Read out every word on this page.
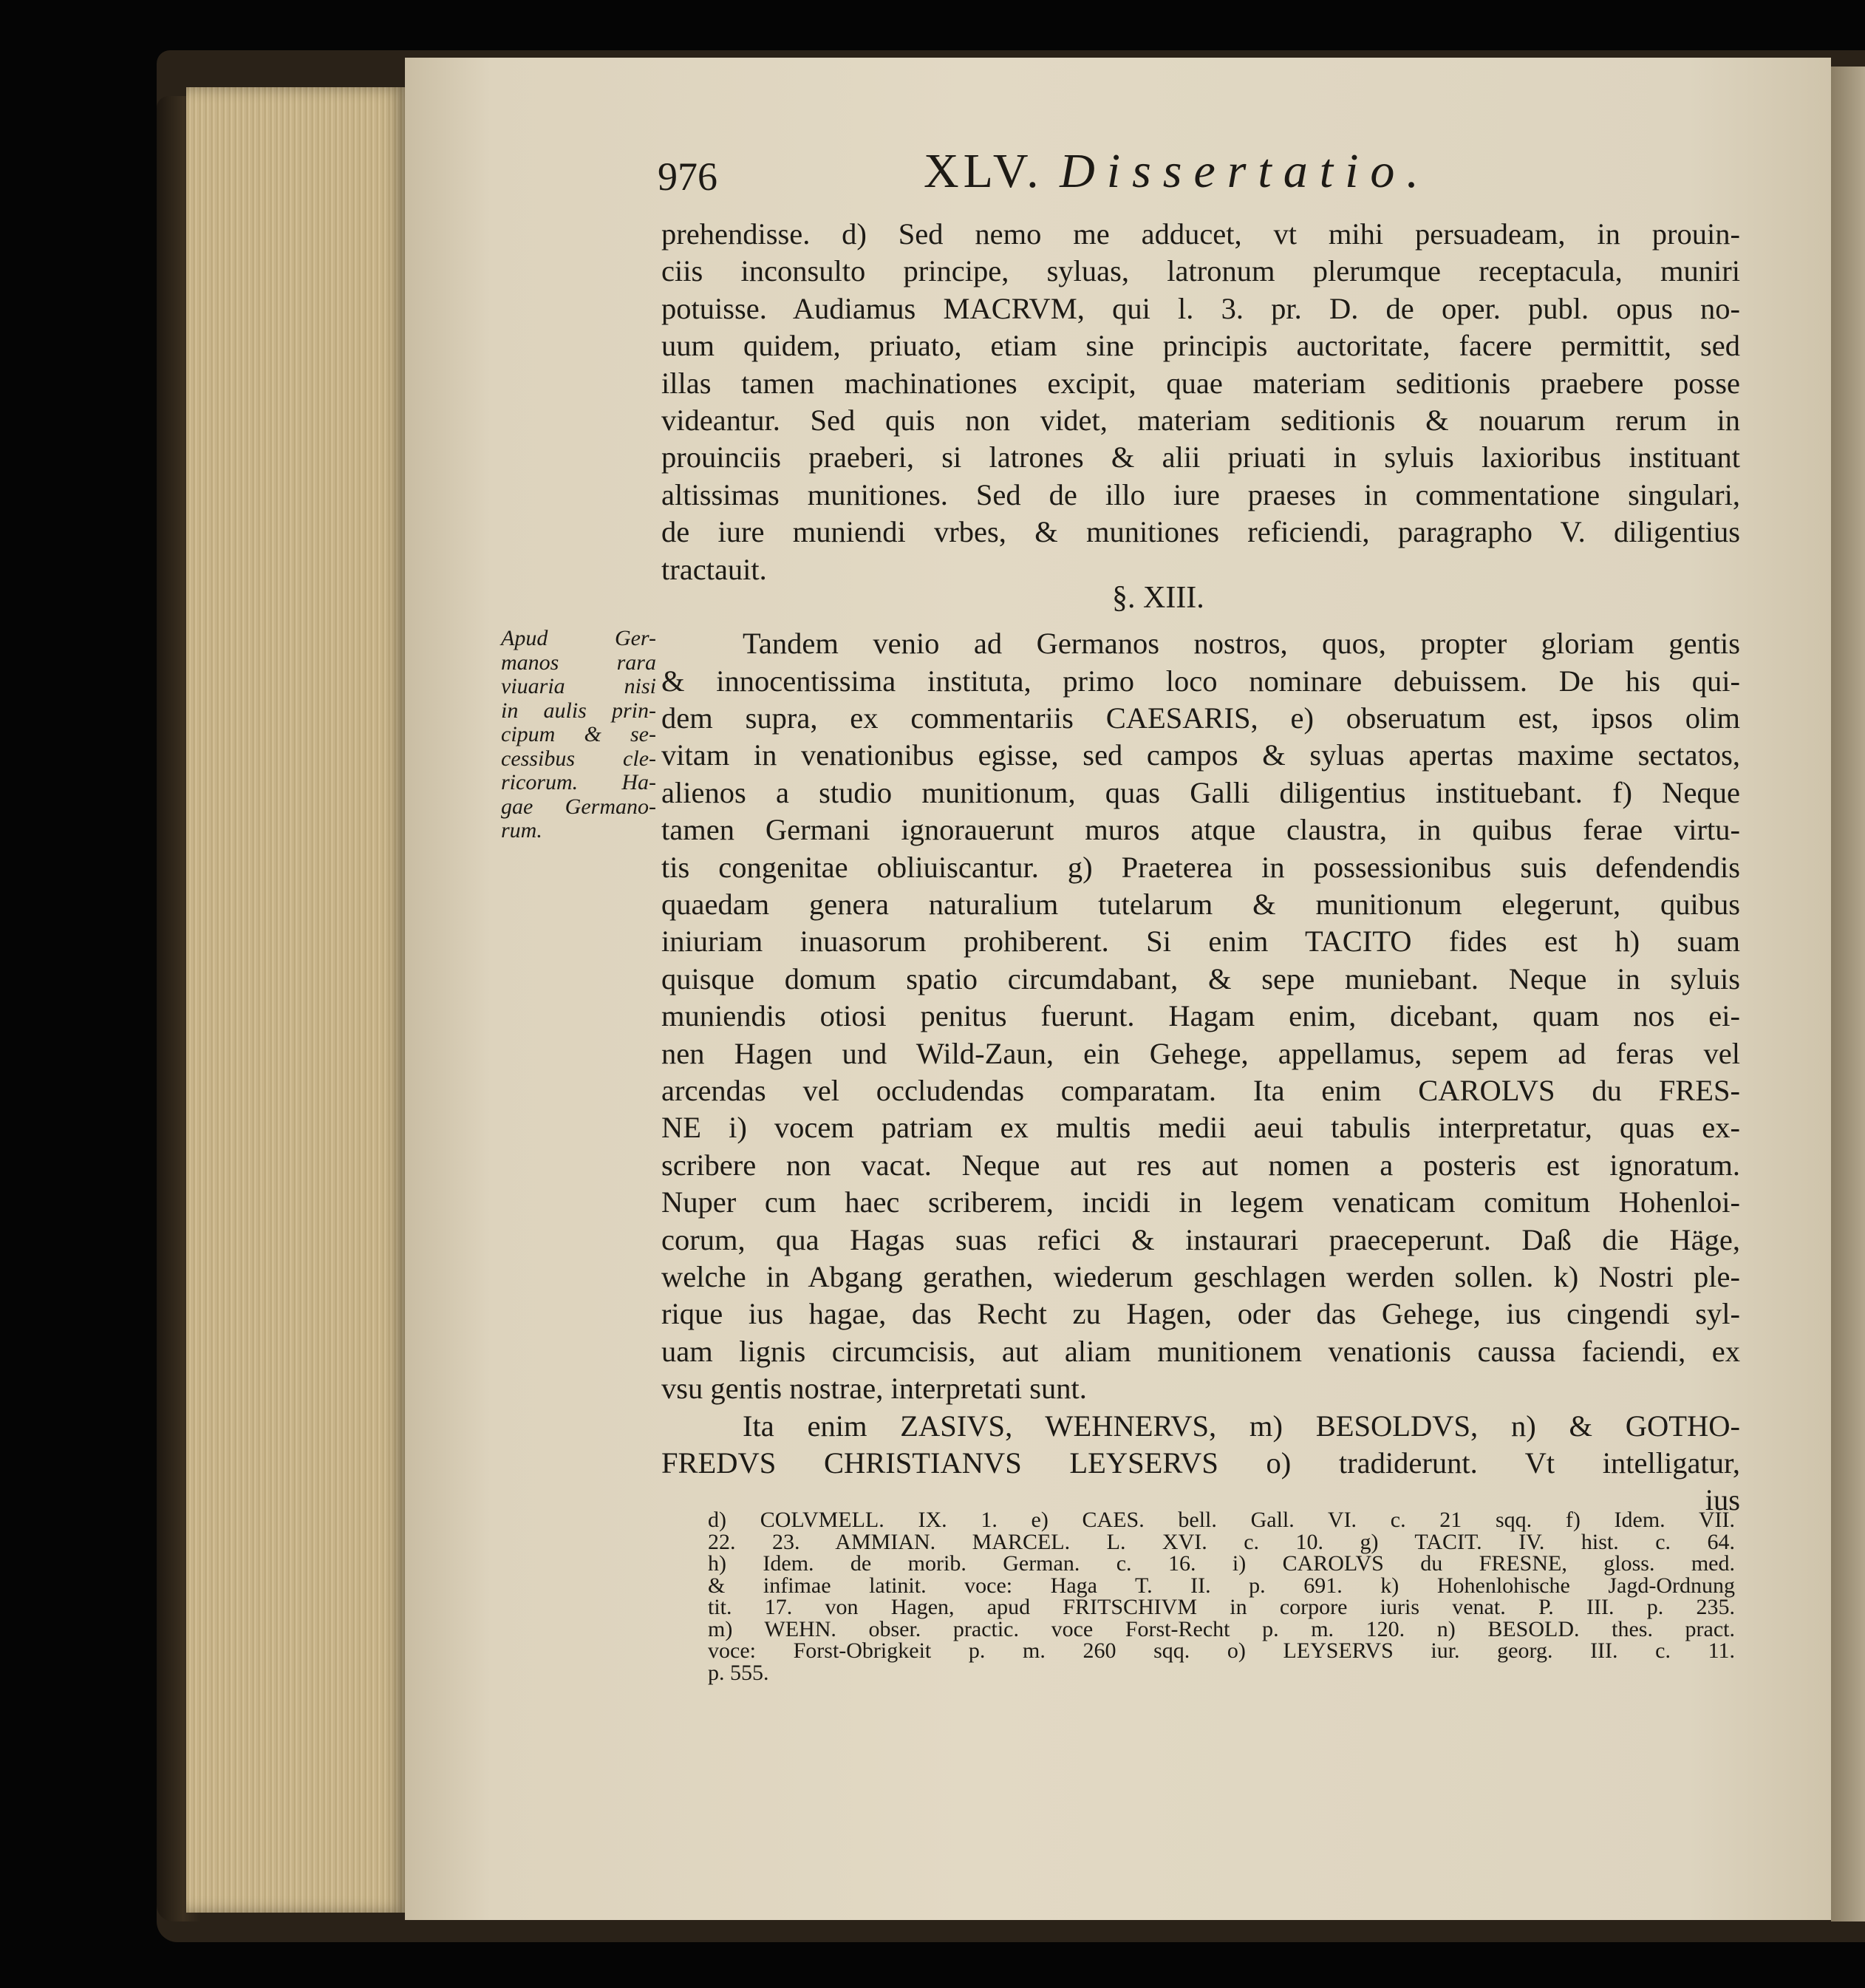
976	XLV. Dissertatio.
prehendisse. d) Sed nemo me adducet, vt mihi persuadeam, in prouin-
ciis inconsulto principe, syluas, latronum plerumque receptacula, muniri
potuisse. Audiamus MACRVM, qui l. 3. pr. D. de oper. publ. opus no-
uum quidem, priuato, etiam sine principis auctoritate, facere permittit, sed
illas tamen machinationes excipit, quae materiam seditionis praebere posse
videantur. Sed quis non videt, materiam seditionis & nouarum rerum in
prouinciis praeberi, si latrones & alii priuati in syluis laxioribus instituant
altissimas munitiones. Sed de illo iure praeses in commentatione singulari,
de iure muniendi vrbes, & munitiones reficiendi, paragrapho V. diligentius
tractauit.
Tandem venio ad Germanos nostros, quos, propter gloriam gentis
& innocentissima instituta, primo loco nominare debuissem. De his qui-
dem supra, ex commentariis CAESARIS, e) obseruatum est, ipsos olim
vitam in venationibus egisse, sed campos & syluas apertas maxime sectatos,
alienos a studio munitionum, quas Galli diligentius instituebant. f) Neque
tamen Germani ignorauerunt muros atque claustra, in quibus ferae virtu-
tis congenitae obliuiscantur. g) Praeterea in possessionibus suis defendendis
quaedam genera naturalium tutelarum & munitionum elegerunt, quibus
iniuriam inuasorum prohiberent. Si enim TACITO fides est h) suam
quisque domum spatio circumdabant, & sepe muniebant. Neque in syluis
muniendis otiosi penitus fuerunt. Hagam enim, dicebant, quam nos ei-
nen Hagen und Wild-Zaun, ein Gehege, appellamus, sepem ad feras vel
arcendas vel occludendas comparatam. Ita enim CAROLVS du FRES-
NE i) vocem patriam ex multis medii aeui tabulis interpretatur, quas ex-
scribere non vacat. Neque aut res aut nomen a posteris est ignoratum.
Nuper cum haec scriberem, incidi in legem venaticam comitum Hohenloi-
corum, qua Hagas suas refici & instaurari praeceperunt. Daß die Häge,
welche in Abgang gerathen, wiederum geschlagen werden sollen. k) Nostri ple-
rique ius hagae, das Recht zu Hagen, oder das Gehege, ius cingendi syl-
uam lignis circumcisis, aut aliam munitionem venationis caussa faciendi, ex
vsu gentis nostrae, interpretati sunt.
Ita enim ZASIVS, WEHNERVS, m) BESOLDVS, n) & GOTHO-
FREDVS CHRISTIANVS LEYSERVS o) tradiderunt. Vt intelligatur,
ius
§. XIII.
Apud Ger-
manos rara
viuaria nisi
in aulis prin-
cipum & se-
cessibus cle-
ricorum. Ha-
gae Germano-
rum.
d) COLVMELL. IX. 1. e) CAES. bell. Gall. VI. c. 21 sqq. f) Idem. VII.
22. 23. AMMIAN. MARCEL. L. XVI. c. 10. g) TACIT. IV. hist. c. 64.
h) Idem. de morib. German. c. 16. i) CAROLVS du FRESNE, gloss. med.
& infimae latinit. voce: Haga T. II. p. 691. k) Hohenlohische Jagd-Ordnung
tit. 17. von Hagen, apud FRITSCHIVM in corpore iuris venat. P. III. p. 235.
m) WEHN. obser. practic. voce Forst-Recht p. m. 120. n) BESOLD. thes. pract.
voce: Forst-Obrigkeit p. m. 260 sqq. o) LEYSERVS iur. georg. III. c. 11.
p. 555.
